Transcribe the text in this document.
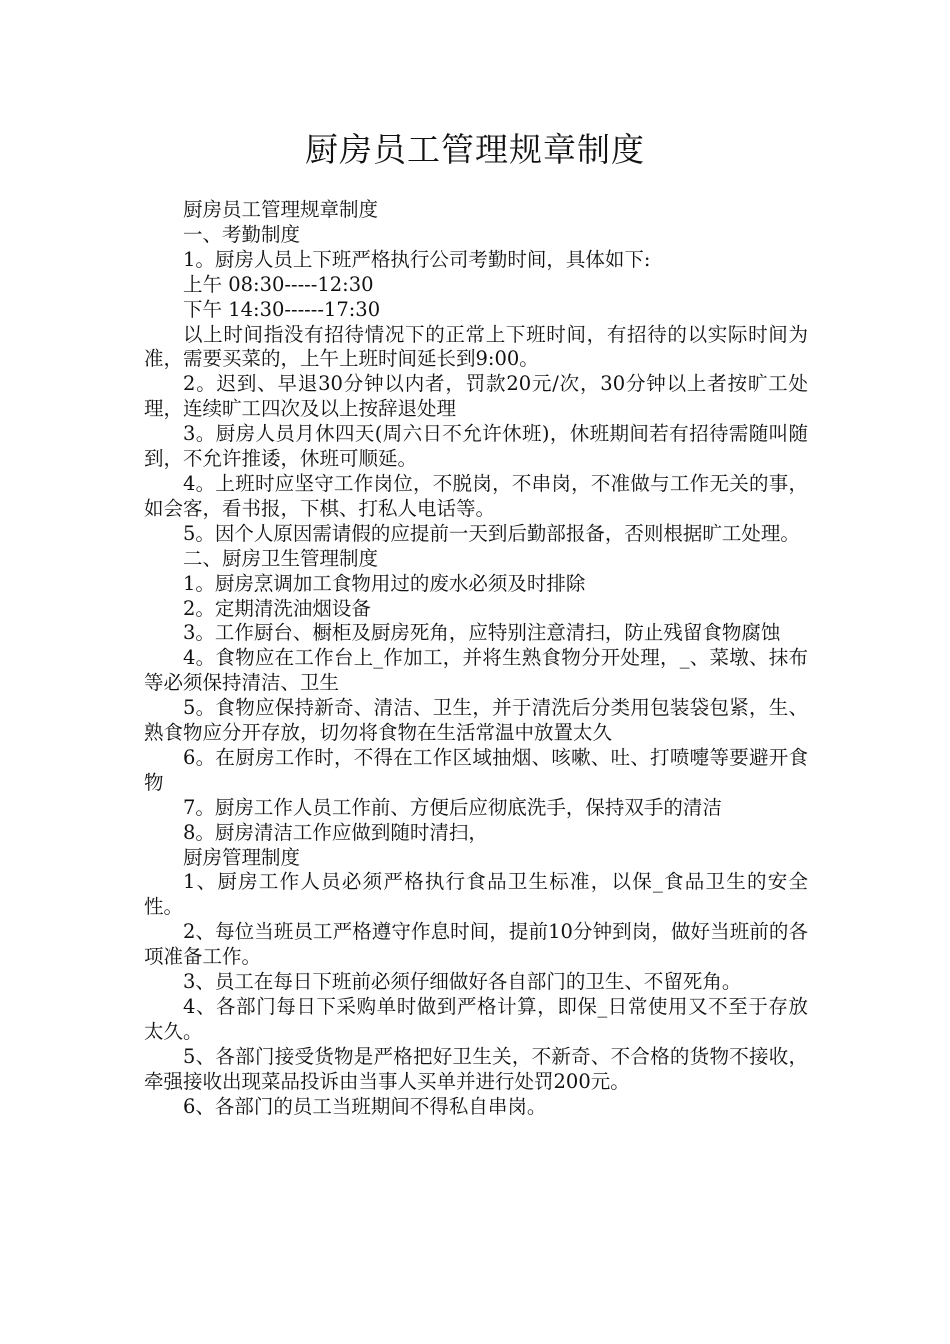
厨房员工管理规章制度

厨房员工管理规章制度

一、考勤制度

1。厨房人员上下班严格执行公司考勤时间，具体如下:

上午 08:30-----12:30

下午 14:30------17:30

以上时间指没有招待情况下的正常上下班时间，有招待的以实际时间为准，需要买菜的，上午上班时间延长到9:00。

2。迟到、早退30分钟以内者，罚款20元/次，30分钟以上者按旷工处理，连续旷工四次及以上按辞退处理

3。厨房人员月休四天(周六日不允许休班)，休班期间若有招待需随叫随到，不允许推诿，休班可顺延。

4。上班时应坚守工作岗位，不脱岗，不串岗，不准做与工作无关的事，如会客，看书报，下棋、打私人电话等。

5。因个人原因需请假的应提前一天到后勤部报备，否则根据旷工处理。

二、厨房卫生管理制度

1。厨房烹调加工食物用过的废水必须及时排除

2。定期清洗油烟设备

3。工作厨台、橱柜及厨房死角，应特别注意清扫，防止残留食物腐蚀

4。食物应在工作台上_作加工，并将生熟食物分开处理，_、菜墩、抹布等必须保持清洁、卫生

5。食物应保持新奇、清洁、卫生，并于清洗后分类用包装袋包紧，生、熟食物应分开存放，切勿将食物在生活常温中放置太久

6。在厨房工作时，不得在工作区域抽烟、咳嗽、吐、打喷嚏等要避开食物

7。厨房工作人员工作前、方便后应彻底洗手，保持双手的清洁

8。厨房清洁工作应做到随时清扫，

厨房管理制度

1、厨房工作人员必须严格执行食品卫生标准，以保_食品卫生的安全性。

2、每位当班员工严格遵守作息时间，提前10分钟到岗，做好当班前的各项准备工作。

3、员工在每日下班前必须仔细做好各自部门的卫生、不留死角。

4、各部门每日下采购单时做到严格计算，即保_日常使用又不至于存放太久。

5、各部门接受货物是严格把好卫生关，不新奇、不合格的货物不接收，牵强接收出现菜品投诉由当事人买单并进行处罚200元。

6、各部门的员工当班期间不得私自串岗。
